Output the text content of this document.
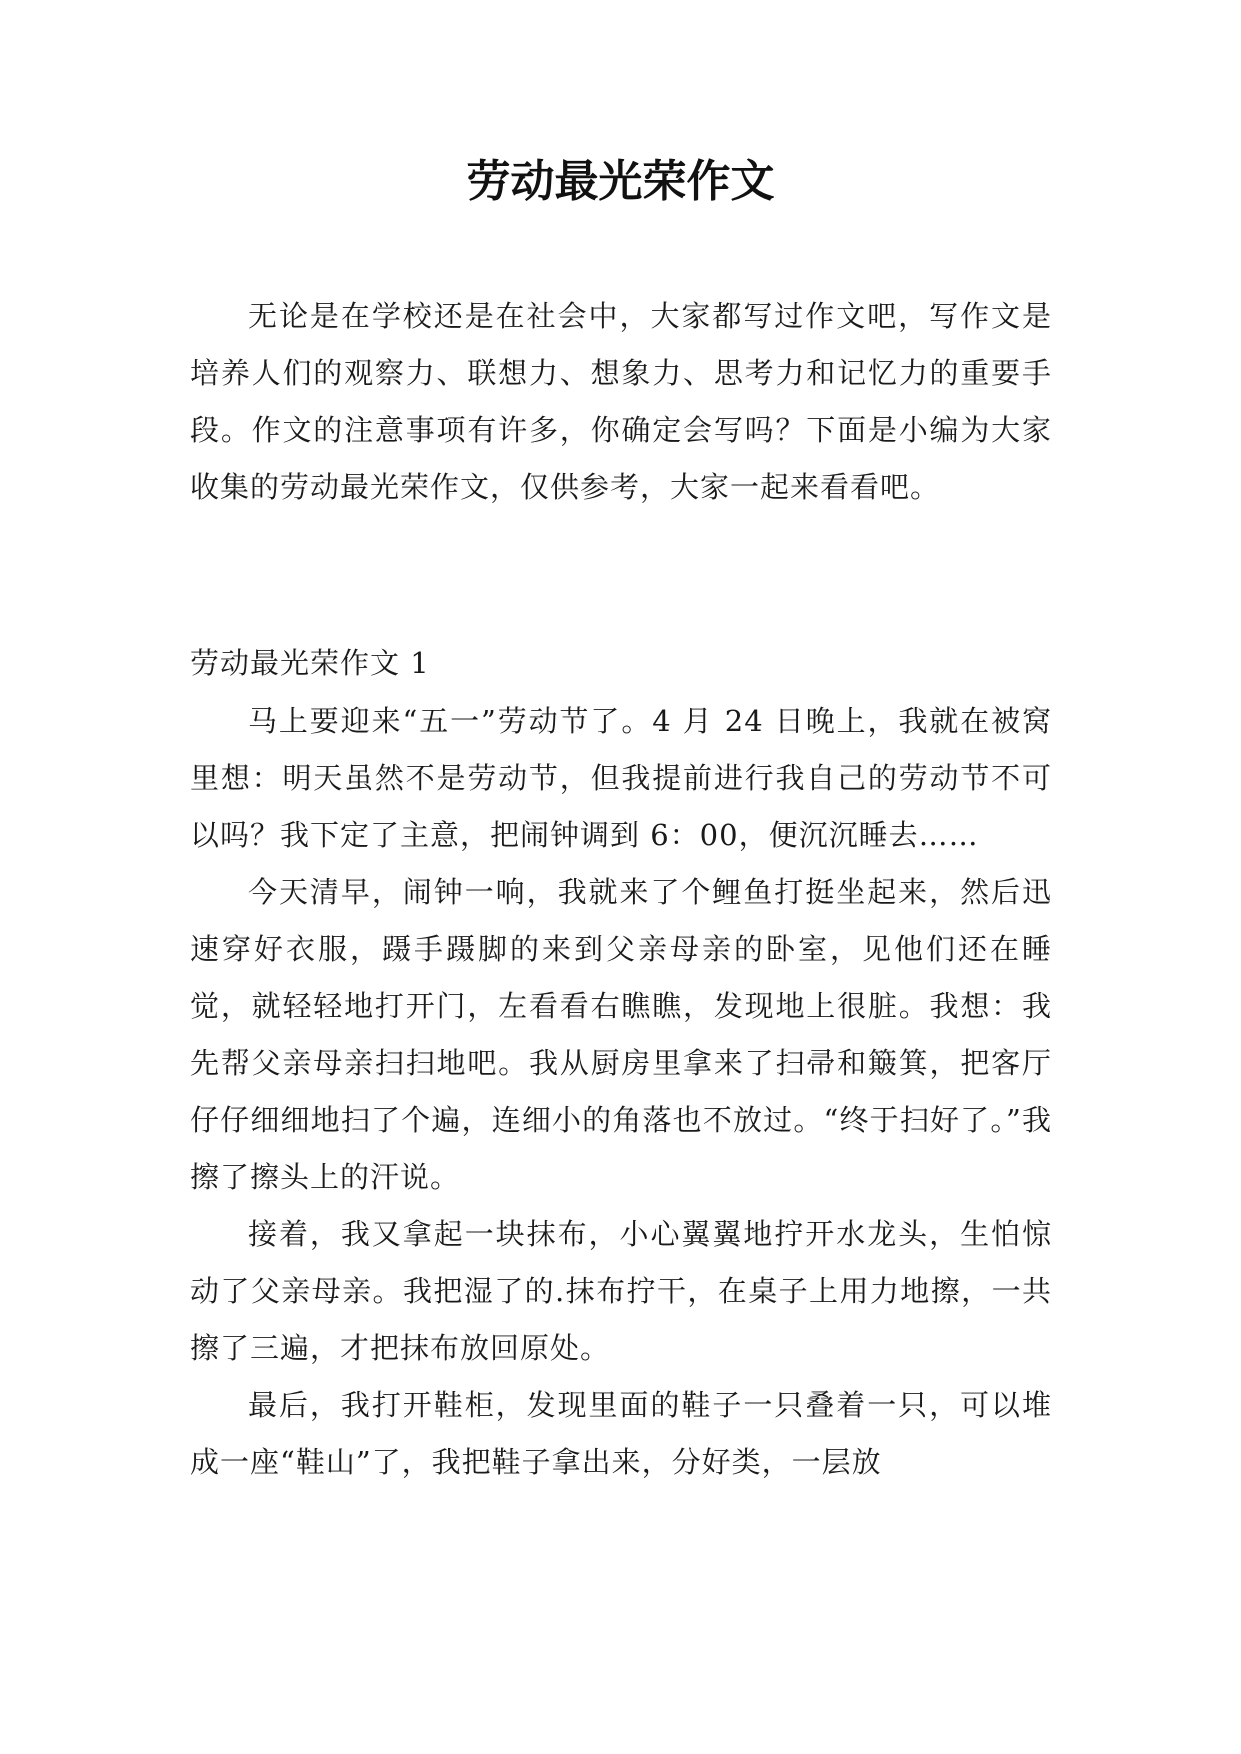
劳动最光荣作文

无论是在学校还是在社会中，大家都写过作文吧，写作文是培养人们的观察力、联想力、想象力、思考力和记忆力的重要手段。作文的注意事项有许多，你确定会写吗？下面是小编为大家收集的劳动最光荣作文，仅供参考，大家一起来看看吧。

劳动最光荣作文 1

马上要迎来“五一”劳动节了。4 月 24 日晚上，我就在被窝里想：明天虽然不是劳动节，但我提前进行我自己的劳动节不可以吗？我下定了主意，把闹钟调到 6：00，便沉沉睡去……

今天清早，闹钟一响，我就来了个鲤鱼打挺坐起来，然后迅速穿好衣服，蹑手蹑脚的来到父亲母亲的卧室，见他们还在睡觉，就轻轻地打开门，左看看右瞧瞧，发现地上很脏。我想：我先帮父亲母亲扫扫地吧。我从厨房里拿来了扫帚和簸箕，把客厅仔仔细细地扫了个遍，连细小的角落也不放过。“终于扫好了。”我擦了擦头上的汗说。

接着，我又拿起一块抹布，小心翼翼地拧开水龙头，生怕惊动了父亲母亲。我把湿了的.抹布拧干，在桌子上用力地擦，一共擦了三遍，才把抹布放回原处。

最后，我打开鞋柜，发现里面的鞋子一只叠着一只，可以堆成一座“鞋山”了，我把鞋子拿出来，分好类，一层放
